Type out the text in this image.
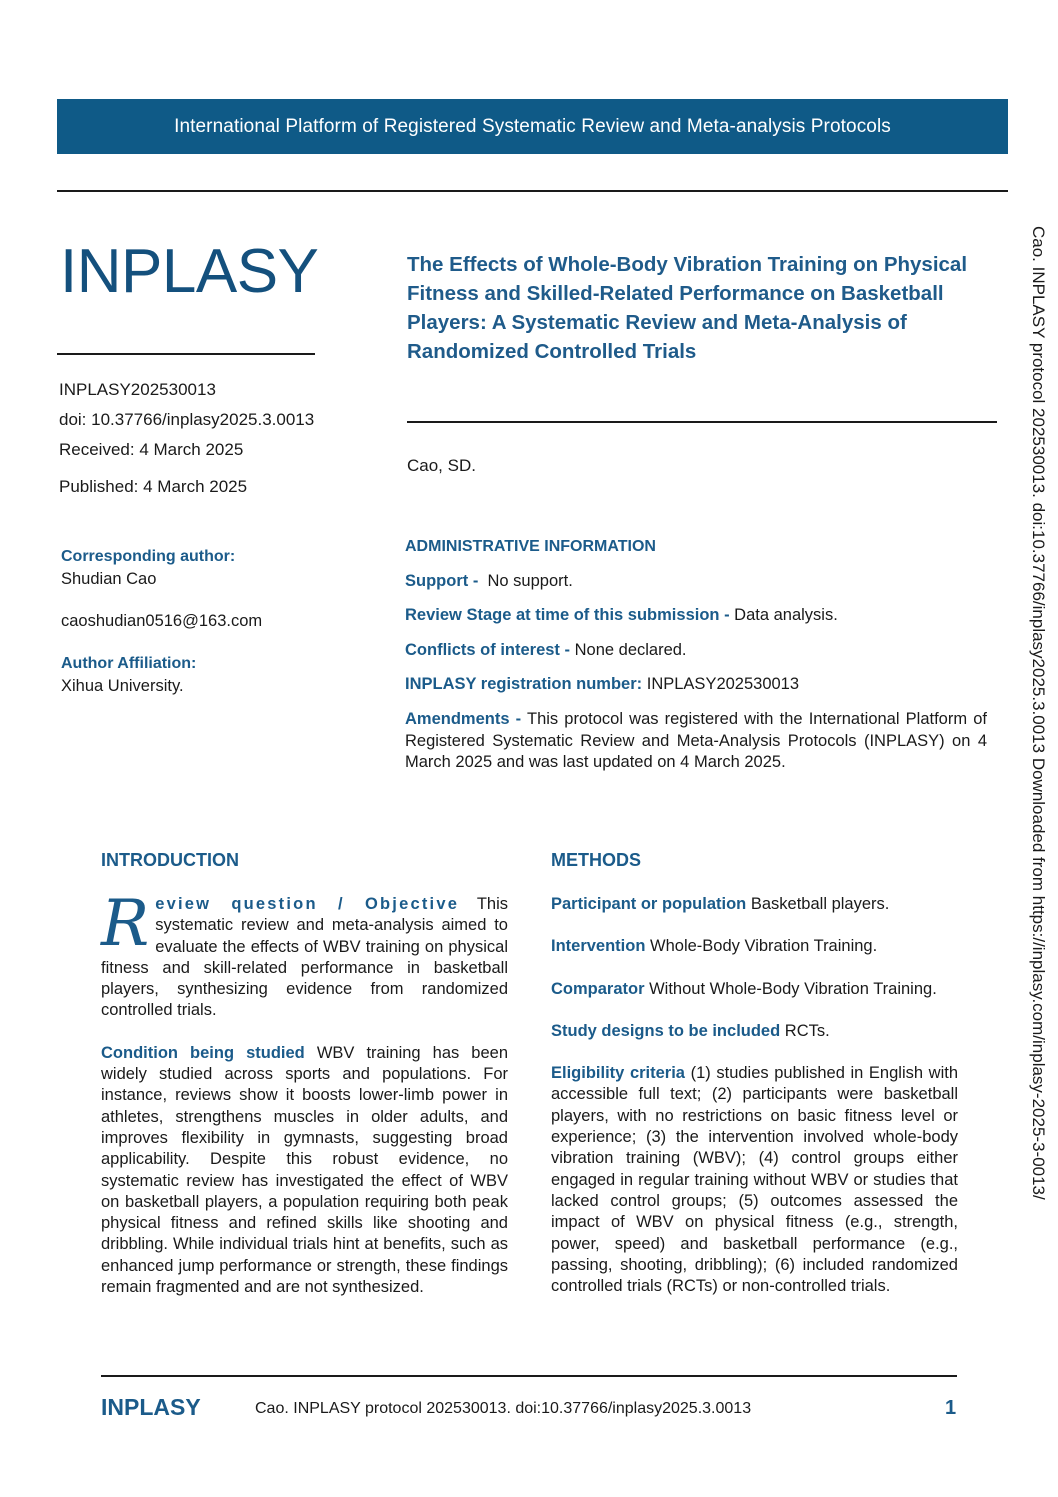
International Platform of Registered Systematic Review and Meta-analysis Protocols
INPLASY
INPLASY202530013
doi: 10.37766/inplasy2025.3.0013
Received: 4 March 2025
Published: 4 March 2025
The Effects of Whole-Body Vibration Training on Physical Fitness and Skilled-Related Performance on Basketball Players: A Systematic Review and Meta-Analysis of Randomized Controlled Trials
Cao, SD.
Corresponding author:
Shudian Cao
caoshudian0516@163.com
Author Affiliation:
Xihua University.
ADMINISTRATIVE INFORMATION
Support - No support.
Review Stage at time of this submission - Data analysis.
Conflicts of interest - None declared.
INPLASY registration number: INPLASY202530013
Amendments - This protocol was registered with the International Platform of Registered Systematic Review and Meta-Analysis Protocols (INPLASY) on 4 March 2025 and was last updated on 4 March 2025.
INTRODUCTION

Review question / Objective This systematic review and meta-analysis aimed to evaluate the effects of WBV training on physical fitness and skill-related performance in basketball players, synthesizing evidence from randomized controlled trials.

Condition being studied WBV training has been widely studied across sports and populations. For instance, reviews show it boosts lower-limb power in athletes, strengthens muscles in older adults, and improves flexibility in gymnasts, suggesting broad applicability. Despite this robust evidence, no systematic review has investigated the effect of WBV on basketball players, a population requiring both peak physical fitness and refined skills like shooting and dribbling. While individual trials hint at benefits, such as enhanced jump performance or strength, these findings remain fragmented and are not synthesized.

METHODS

Participant or population Basketball players.

Intervention Whole-Body Vibration Training.

Comparator Without Whole-Body Vibration Training.

Study designs to be included RCTs.

Eligibility criteria (1) studies published in English with accessible full text; (2) participants were basketball players, with no restrictions on basic fitness level or experience; (3) the intervention involved whole-body vibration training (WBV); (4) control groups either engaged in regular training without WBV or studies that lacked control groups; (5) outcomes assessed the impact of WBV on physical fitness (e.g., strength, power, speed) and basketball performance (e.g., passing, shooting, dribbling); (6) included randomized controlled trials (RCTs) or non-controlled trials.

Cao. INPLASY protocol 202530013. doi:10.37766/inplasy2025.3.0013 Downloaded from https://inplasy.com/inplasy-2025-3-0013/
INPLASY	Cao. INPLASY protocol 202530013. doi:10.37766/inplasy2025.3.0013	1
